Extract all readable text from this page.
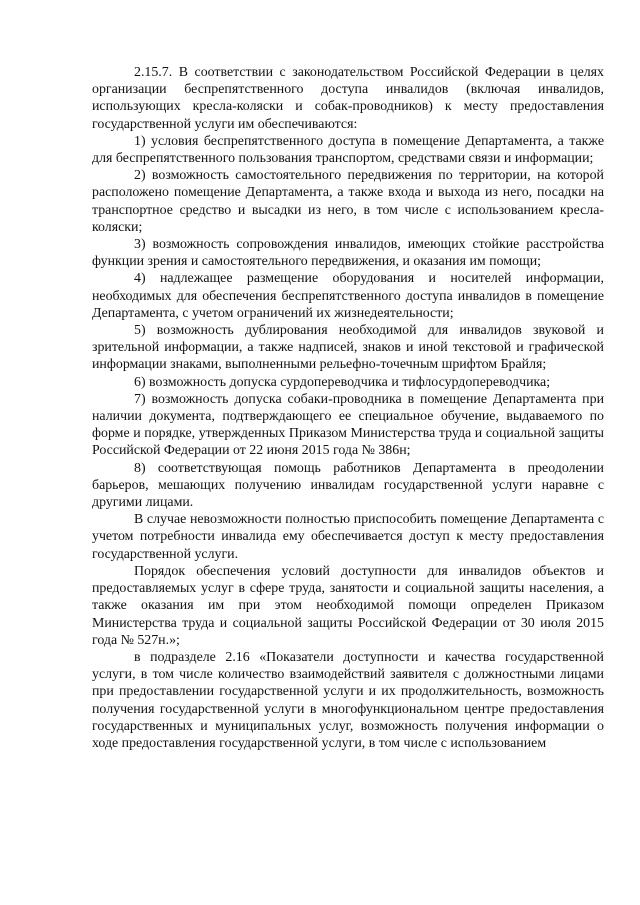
2.15.7. В соответствии с законодательством Российской Федерации в целях организации беспрепятственного доступа инвалидов (включая инвалидов, использующих кресла-коляски и собак-проводников) к месту предоставления государственной услуги им обеспечиваются:

1) условия беспрепятственного доступа в помещение Департамента, а также для беспрепятственного пользования транспортом, средствами связи и информации;

2) возможность самостоятельного передвижения по территории, на которой расположено помещение Департамента, а также входа и выхода из него, посадки на транспортное средство и высадки из него, в том числе с использованием кресла-коляски;

3) возможность сопровождения инвалидов, имеющих стойкие расстройства функции зрения и самостоятельного передвижения, и оказания им помощи;

4) надлежащее размещение оборудования и носителей информации, необходимых для обеспечения беспрепятственного доступа инвалидов в помещение Департамента, с учетом ограничений их жизнедеятельности;

5) возможность дублирования необходимой для инвалидов звуковой и зрительной информации, а также надписей, знаков и иной текстовой и графической информации знаками, выполненными рельефно-точечным шрифтом Брайля;

6) возможность допуска сурдопереводчика и тифлосурдопереводчика;

7) возможность допуска собаки-проводника в помещение Департамента при наличии документа, подтверждающего ее специальное обучение, выдаваемого по форме и порядке, утвержденных Приказом Министерства труда и социальной защиты Российской Федерации от 22 июня 2015 года № 386н;

8) соответствующая помощь работников Департамента в преодолении барьеров, мешающих получению инвалидам государственной услуги наравне с другими лицами.

В случае невозможности полностью приспособить помещение Департамента с учетом потребности инвалида ему обеспечивается доступ к месту предоставления государственной услуги.

Порядок обеспечения условий доступности для инвалидов объектов и предоставляемых услуг в сфере труда, занятости и социальной защиты населения, а также оказания им при этом необходимой помощи определен Приказом Министерства труда и социальной защиты Российской Федерации от 30 июля 2015 года № 527н.»;

в подразделе 2.16 «Показатели доступности и качества государственной услуги, в том числе количество взаимодействий заявителя с должностными лицами при предоставлении государственной услуги и их продолжительность, возможность получения государственной услуги в многофункциональном центре предоставления государственных и муниципальных услуг, возможность получения информации о ходе предоставления государственной услуги, в том числе с использованием
